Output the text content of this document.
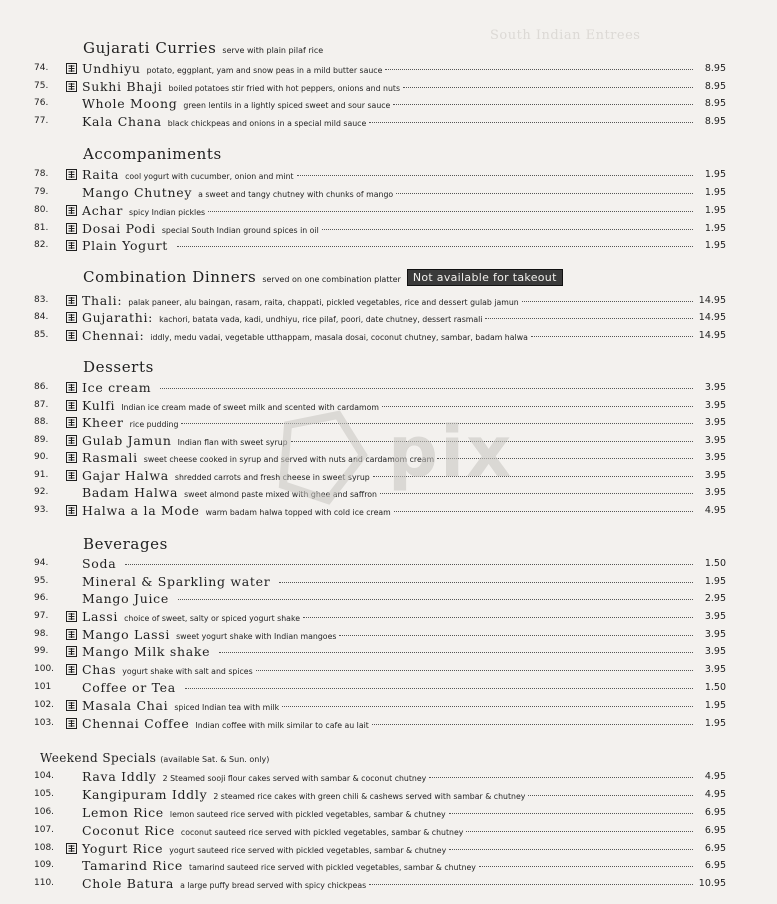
South Indian Entrees
Gujarati Curries serve with plain pilaf rice
Accompaniments
Combination Dinners served on one combination platter Not available for takeout
Desserts
Beverages
Weekend Specials (available Sat. & Sun. only)
74.	Undhiyu potato, eggplant, yam and snow peas in a mild butter sauce	8.95
75.	Sukhi Bhaji boiled potatoes stir fried with hot peppers, onions and nuts	8.95
76.	Whole Moong green lentils in a lightly spiced sweet and sour sauce	8.95
77.	Kala Chana black chickpeas and onions in a special mild sauce	8.95
78.	Raita cool yogurt with cucumber, onion and mint	1.95
79.	Mango Chutney a sweet and tangy chutney with chunks of mango	1.95
80.	Achar spicy Indian pickles	1.95
81.	Dosai Podi special South Indian ground spices in oil	1.95
82.	Plain Yogurt	1.95
83.	Thali: palak paneer, alu baingan, rasam, raita, chappati, pickled vegetables, rice and dessert gulab jamun	14.95
84.	Gujarathi: kachori, batata vada, kadi, undhiyu, rice pilaf, poori, date chutney, dessert rasmali	14.95
85.	Chennai: iddly, medu vadai, vegetable utthappam, masala dosai, coconut chutney, sambar, badam halwa	14.95
86.	Ice cream	3.95
87.	Kulfi Indian ice cream made of sweet milk and scented with cardamom	3.95
88.	Kheer rice pudding	3.95
89.	Gulab Jamun Indian flan with sweet syrup	3.95
90.	Rasmali sweet cheese cooked in syrup and served with nuts and cardamom cream	3.95
91.	Gajar Halwa shredded carrots and fresh cheese in sweet syrup	3.95
92.	Badam Halwa sweet almond paste mixed with ghee and saffron	3.95
93.	Halwa a la Mode warm badam halwa topped with cold ice cream	4.95
94.	Soda	1.50
95.	Mineral & Sparkling water	1.95
96.	Mango Juice	2.95
97.	Lassi choice of sweet, salty or spiced yogurt shake	3.95
98.	Mango Lassi sweet yogurt shake with Indian mangoes	3.95
99.	Mango Milk shake	3.95
100. Chas yogurt shake with salt and spices	3.95
101 Coffee or Tea	1.50
102. Masala Chai spiced Indian tea with milk	1.95
103. Chennai Coffee Indian coffee with milk similar to cafe au lait	1.95
104. Rava Iddly 2 Steamed sooji flour cakes served with sambar & coconut chutney	4.95
105. Kangipuram Iddly 2 steamed rice cakes with green chili & cashews served with sambar & chutney	4.95
106. Lemon Rice lemon sauteed rice served with pickled vegetables, sambar & chutney	6.95
107. Coconut Rice coconut sauteed rice served with pickled vegetables, sambar & chutney	6.95
108. Yogurt Rice yogurt sauteed rice served with pickled vegetables, sambar & chutney	6.95
109. Tamarind Rice tamarind sauteed rice served with pickled vegetables, sambar & chutney	6.95
110. Chole Batura a large puffy bread served with spicy chickpeas	10.95
pix
